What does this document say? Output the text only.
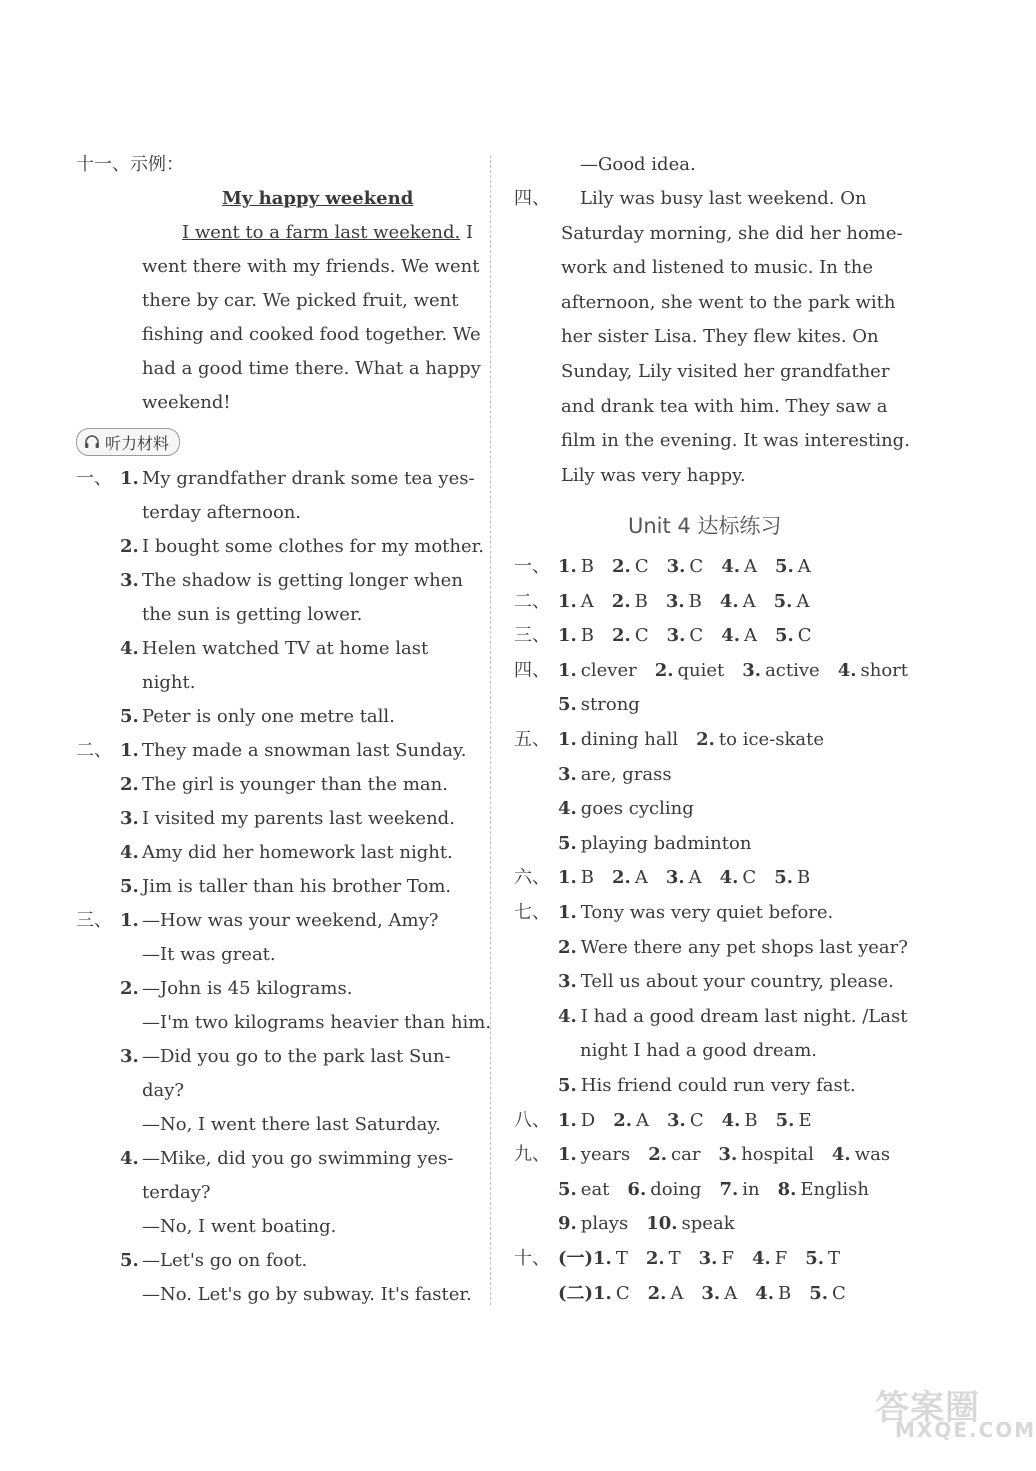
十一、示例：
My happy weekend
I went to a farm last weekend. I
went there with my friends. We went
there by car. We picked fruit, went
fishing and cooked food together. We
had a good time there. What a happy
weekend!
听力材料
一、 1. My grandfather drank some tea yes-
terday afternoon.
2. I bought some clothes for my mother.
3. The shadow is getting longer when
the sun is getting lower.
4. Helen watched TV at home last
night.
5. Peter is only one metre tall.
二、 1. They made a snowman last Sunday.
2. The girl is younger than the man.
3. I visited my parents last weekend.
4. Amy did her homework last night.
5. Jim is taller than his brother Tom.
三、 1. —How was your weekend, Amy?
—It was great.
2. —John is 45 kilograms.
—I'm two kilograms heavier than him.
3. —Did you go to the park last Sun-
day?
—No, I went there last Saturday.
4. —Mike, did you go swimming yes-
terday?
—No, I went boating.
5. —Let's go on foot.
—No. Let's go by subway. It's faster.
—Good idea.
四、 Lily was busy last weekend. On
Saturday morning, she did her home-
work and listened to music. In the
afternoon, she went to the park with
her sister Lisa. They flew kites. On
Sunday, Lily visited her grandfather
and drank tea with him. They saw a
film in the evening. It was interesting.
Lily was very happy.
Unit 4 达标练习
一、 1. B 2. C 3. C 4. A 5. A
二、 1. A 2. B 3. B 4. A 5. A
三、 1. B 2. C 3. C 4. A 5. C
四、 1. clever 2. quiet 3. active 4. short
5. strong
五、 1. dining hall 2. to ice-skate
3. are, grass
4. goes cycling
5. playing badminton
六、 1. B 2. A 3. A 4. C 5. B
七、 1. Tony was very quiet before.
2. Were there any pet shops last year?
3. Tell us about your country, please.
4. I had a good dream last night. /Last
night I had a good dream.
5. His friend could run very fast.
八、 1. D 2. A 3. C 4. B 5. E
九、 1. years 2. car 3. hospital 4. was
5. eat 6. doing 7. in 8. English
9. plays 10. speak
十、 (一)1. T 2. T 3. F 4. F 5. T
(二)1. C 2. A 3. A 4. B 5. C
答案圈
MXQE.COM
